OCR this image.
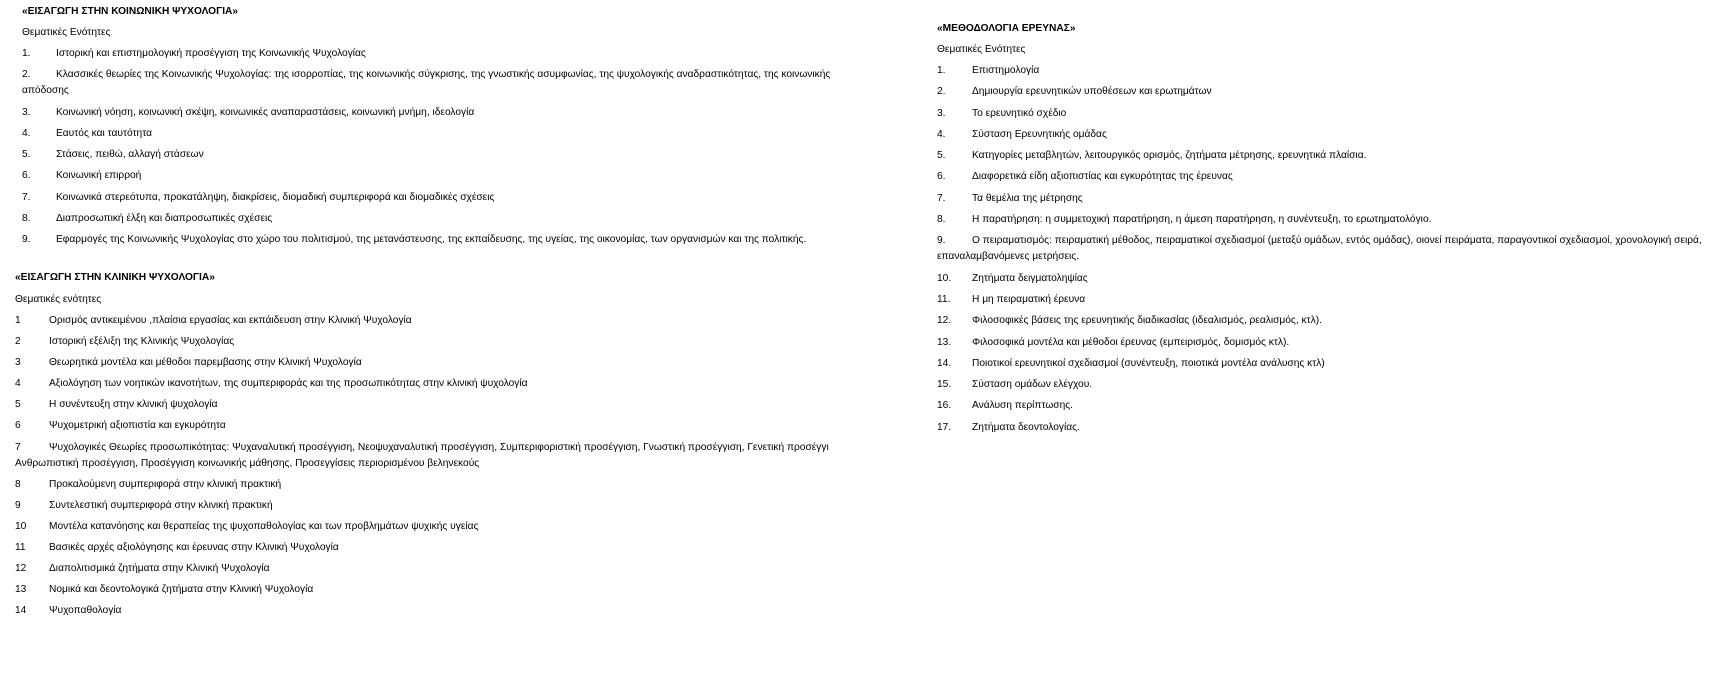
«ΕΙΣΑΓΩΓΗ ΣΤΗΝ ΚΟΙΝΩΝΙΚΗ ΨΥΧΟΛΟΓΙΑ»
Θεματικές Ενότητες
1.	Ιστορική και επιστημολογική προσέγγιση της Κοινωνικής Ψυχολογίας
2.	Κλασσικές θεωρίες της Κοινωνικής Ψυχολογίας: της ισορροπίας, της κοινωνικής σύγκρισης, της γνωστικής ασυμφωνίας, της ψυχολογικής αναδραστικότητας, της κοινωνικής απόδοσης
3.	Κοινωνική νόηση, κοινωνική σκέψη, κοινωνικές αναπαραστάσεις, κοινωνική μνήμη, ιδεολογία
4.	Εαυτός και ταυτότητα
5.	Στάσεις, πειθώ, αλλαγή στάσεων
6.	Κοινωνική επιρροή
7.	Κοινωνικά στερεότυπα, προκατάληψη, διακρίσεις, διομαδική συμπεριφορά και διομαδικές σχέσεις
8.	Διαπροσωπική έλξη και διαπροσωπικές σχέσεις
9.	Εφαρμογές της Κοινωνικής Ψυχολογίας στο χώρο του πολιτισμού, της μετανάστευσης, της εκπαίδευσης, της υγείας, της οικονομίας, των οργανισμών και της πολιτικής.
«ΕΙΣΑΓΩΓΗ ΣΤΗΝ ΚΛΙΝΙΚΗ ΨΥΧΟΛΟΓΙΑ»
Θεματικές ενότητες
1	Ορισμός αντικειμένου ,πλαίσια εργασίας και εκπάιδευση στην Κλινική Ψυχολογία
2	Ιστορική εξέλιξη της Κλινικής Ψυχολογίας
3	Θεωρητικά μοντέλα και μέθοδοι παρεμβασης στην Κλινική Ψυχολογία
4	Αξιολόγηση των νοητικών ικανοτήτων, της συμπεριφοράς και της προσωπικότητας στην κλινική ψυχολογία
5	Η συνέντευξη στην κλινική ψυχολογία
6	Ψυχομετρική αξιοπιστία και εγκυρότητα
7	Ψυχολογικές Θεωρίες προσωπικότητας: Ψυχαναλυτική προσέγγιση, Νεοψυχαναλυτική προσέγγιση, Συμπεριφοριστική προσέγγιση, Γνωστική προσέγγιση, Γενετική προσέγγι Ανθρωπιστική προσέγγιση, Προσέγγιση κοινωνικής μάθησης, Προσεγγίσεις περιορισμένου βεληνεκούς
8	Προκαλούμενη συμπεριφορά στην κλινική πρακτική
9	Συντελεστική συμπεριφορά στην κλινική πρακτική
10 Μοντέλα κατανόησης και θεραπείας της ψυχοπαθολογίας και των προβλημάτων ψυχικής υγείας
11 Βασικές αρχές αξιολόγησης και έρευνας στην Κλινική Ψυχολογία
12 Διαπολιτισμικά ζητήματα στην Κλινική Ψυχολογία
13 Νομικά και δεοντολογικά ζητήματα στην Κλινική Ψυχολογία
14 Ψυχοπαθολογία
«ΜΕΘΟΔΟΛΟΓΙΑ ΕΡΕΥΝΑΣ»
Θεματικές Ενότητες
1.	Επιστημολογία
2.	Δημιουργία ερευνητικών υποθέσεων και ερωτημάτων
3.	Το ερευνητικό σχέδιο
4.	Σύσταση Ερευνητικής ομάδας
5.	Κατηγορίες μεταβλητών, λειτουργικός ορισμός, ζητήματα μέτρησης, ερευνητικά πλαίσια.
6.	Διαφορετικά είδη αξιοπιστίας και εγκυρότητας της έρευνας
7.	Τα θεμέλια της μέτρησης
8.	Η παρατήρηση: η συμμετοχική παρατήρηση, η άμεση παρατήρηση, η συνέντευξη, το ερωτηματολόγιο.
9.	Ο πειραματισμός: πειραματική μέθοδος, πειραματικοί σχεδιασμοί (μεταξύ ομάδων, εντός ομάδας), οιονεί πειράματα, παραγοντικοί σχεδιασμοί, χρονολογική σειρά, επαναλαμβανόμενες μετρήσεις.
10. Ζητήματα δειγματοληψίας
11. Η μη πειραματική έρευνα
12. Φιλοσοφικές βάσεις της ερευνητικής διαδικασίας (ιδεαλισμός, ρεαλισμός, κτλ).
13. Φιλοσοφικά μοντέλα και μέθοδοι έρευνας (εμπειρισμός, δομισμός κτλ).
14. Ποιοτικοί ερευνητικοί σχεδιασμοί (συνέντευξη, ποιοτικά μοντέλα ανάλυσης κτλ)
15. Σύσταση ομάδων ελέγχου.
16. Ανάλυση περίπτωσης.
17. Ζητήματα δεοντολογίας.
